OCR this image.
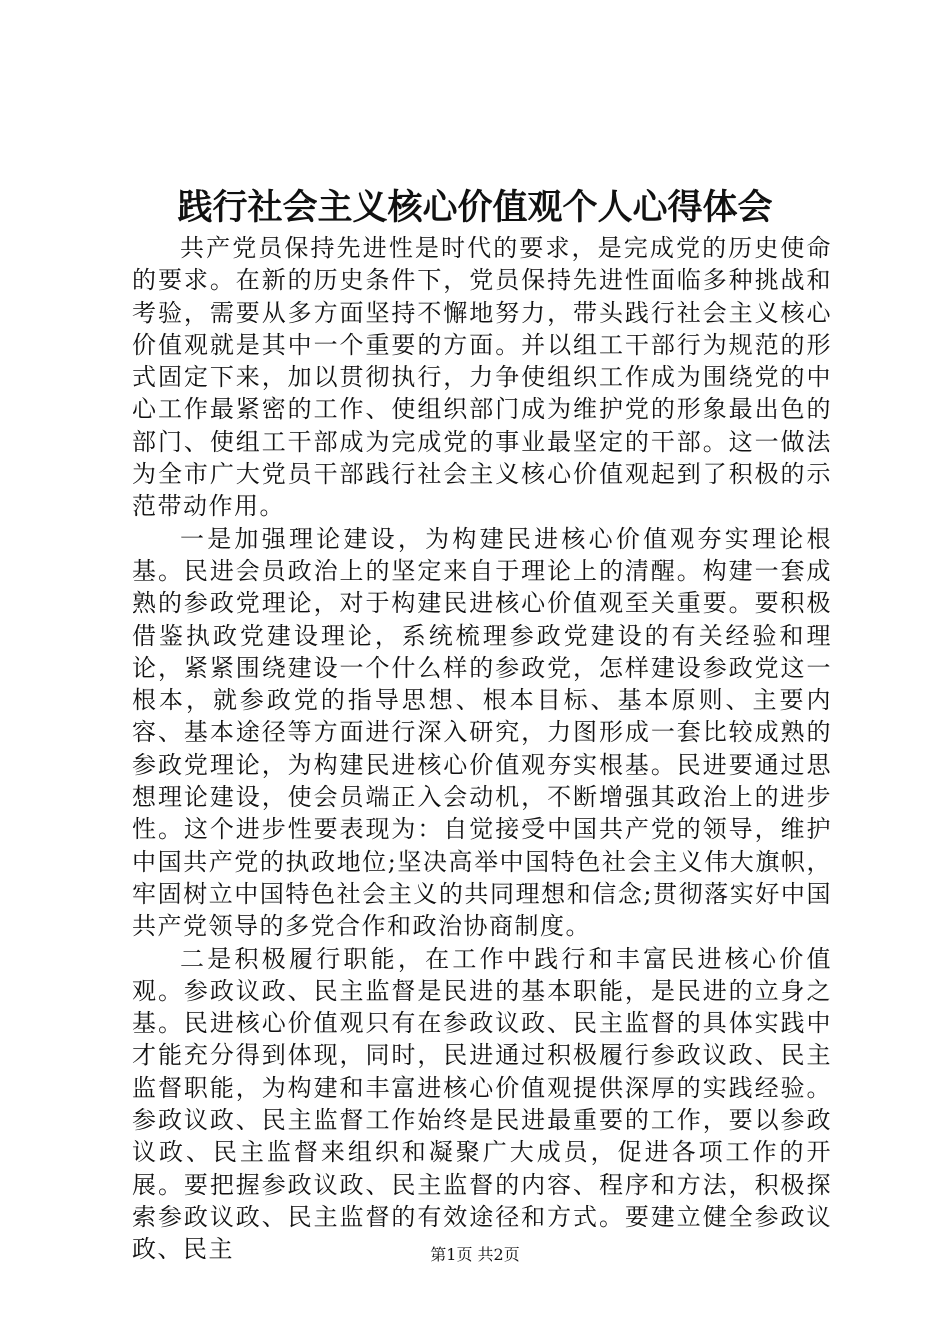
践行社会主义核心价值观个人心得体会

共产党员保持先进性是时代的要求，是完成党的历史使命的要求。在新的历史条件下，党员保持先进性面临多种挑战和考验，需要从多方面坚持不懈地努力，带头践行社会主义核心价值观就是其中一个重要的方面。并以组工干部行为规范的形式固定下来，加以贯彻执行，力争使组织工作成为围绕党的中心工作最紧密的工作、使组织部门成为维护党的形象最出色的部门、使组工干部成为完成党的事业最坚定的干部。这一做法为全市广大党员干部践行社会主义核心价值观起到了积极的示范带动作用。

一是加强理论建设，为构建民进核心价值观夯实理论根基。民进会员政治上的坚定来自于理论上的清醒。构建一套成熟的参政党理论，对于构建民进核心价值观至关重要。要积极借鉴执政党建设理论，系统梳理参政党建设的有关经验和理论，紧紧围绕建设一个什么样的参政党，怎样建设参政党这一根本，就参政党的指导思想、根本目标、基本原则、主要内容、基本途径等方面进行深入研究，力图形成一套比较成熟的参政党理论，为构建民进核心价值观夯实根基。民进要通过思想理论建设，使会员端正入会动机，不断增强其政治上的进步性。这个进步性要表现为：自觉接受中国共产党的领导，维护中国共产党的执政地位;坚决高举中国特色社会主义伟大旗帜，牢固树立中国特色社会主义的共同理想和信念;贯彻落实好中国共产党领导的多党合作和政治协商制度。

二是积极履行职能，在工作中践行和丰富民进核心价值观。参政议政、民主监督是民进的基本职能，是民进的立身之基。民进核心价值观只有在参政议政、民主监督的具体实践中才能充分得到体现，同时，民进通过积极履行参政议政、民主监督职能，为构建和丰富进核心价值观提供深厚的实践经验。参政议政、民主监督工作始终是民进最重要的工作，要以参政议政、民主监督来组织和凝聚广大成员，促进各项工作的开展。要把握参政议政、民主监督的内容、程序和方法，积极探索参政议政、民主监督的有效途径和方式。要建立健全参政议政、民主	第1页 共2页
